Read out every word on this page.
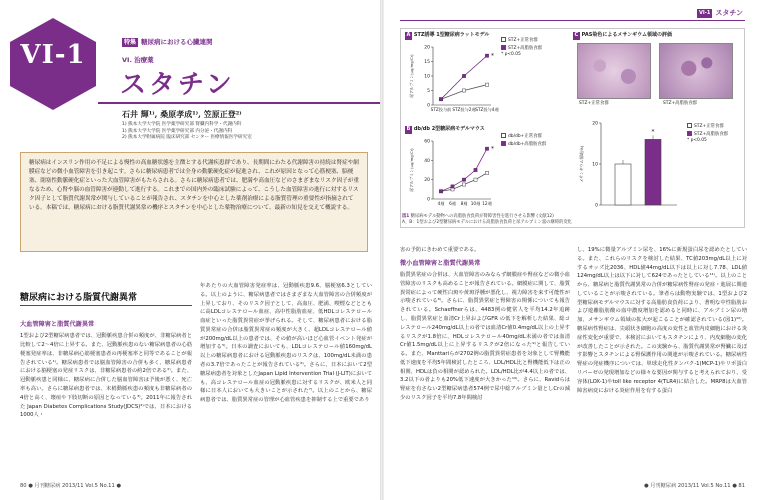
VI-1	特集 糖尿病における心臓連関
VI. 治療薬
スタチン
石井 輝¹⁾, 桑原孝成¹⁾, 笠原正登²⁾
1) 熊本大学大学院 医学薬学研究部 腎臓内科学・代謝内科
1) 熊本大学大学院 医学薬学研究部 内分泌・代謝内科
2) 熊本大学附属病院 臨床研究部 センター 医療情報医学研究室
糖尿病はインスリン作用の不足による慢性の高血糖状態を主徴とする代謝疾患群であり、長期間にわたる代謝障害の持続は腎症や網膜症などの微小血管障害を引き起こす。さらに糖尿病患者では全身の動脈硬化症が促進され、これが原因となって心筋梗塞、脳梗塞、閉塞性動脈硬化症といった大血管障害がもたらされる。さらに糖尿病患者では、肥満や高血圧などのさまざまなリスク因子が重なるため、心腎や脳の血管障害が連動して進行する。これまでの国内外の臨床試験によって、こうした血管障害の進行に対するリスク因子として脂質代謝異常が関与していることが報告され、スタチンを中心とした薬剤治療による脂質管理の重要性が指摘されている。本稿では、糖尿病における脂質代謝異常の機序とスタチンを中心とした薬物治療について、最新の知見を交えて概説する。
糖尿病における脂質代謝異常
大血管障害と脂質代謝異常
1型および2型糖尿病患者では、冠動脈疾患合併の頻度が、非糖尿病者と比較して2〜4倍に上昇する。また、冠動脈疾患のない糖尿病患者の心筋梗塞発症率は、非糖尿病心筋梗塞患者の再梗塞率と同等であることが報告されている¹⁾。糖尿病患者では脳血管障害の合併も多く、糖尿病患者における脳梗塞の発症リスクは、非糖尿病患者の約2倍である²⁾。また、冠動脈疾患と同様に、糖尿病に合併した脳血管障害は予後が悪く、死亡率も高い。さらに糖尿病患者では、末梢動脈疾患の頻度も非糖尿病者の4倍と高く、壊疽や下肢切断の原因となっている³⁾。2011年に報告された Japan Diabetes Complications Study(JDCS)⁴⁾では、日本における1000人・
年あたりの大血管障害発症率は、冠動脈疾患9.6、脳梗塞6.3としている。以上のように、糖尿病患者ではさまざまな大血管障害の合併頻度が上昇しており、そのリスク因子として、高血圧、肥満、喫煙などとともに高LDLコレステロール血症、高中性脂肪血症、低HDLコレステロール血症といった脂質異常症が挙げられる。そして、糖尿病患者における脂質異常症の合併は脂質異常症の頻度が大きく、超LDLコレステロール値が200mg/dL以上の患者では、その値が高いほど心血管イベント発症が増加する⁵⁾。日本の調査においても、LDLコレステロール値160mg/dL以上の糖尿病患者における冠動脈疾患のリスクは、100mg/dL未満の患者の3.7倍であったことが報告されている⁶⁾。さらに、日本において2型糖尿病患者を対象としたJapan Lipid Intervention Trial (J-LIT)においても、高コレステロール血症の冠動脈疾患に対するリスクが、欧米人と同様に日本人においても大きいことが示された⁷⁾。以上のことから、糖尿病患者では、脂質異常症の管理が心血管疾患を抑制する上で重要であり
80 ● 月刊糖尿病 2013/11 Vol.5 No.11 ●
VI-1 スタチン
A STZ誘導 1型糖尿病ラットモデル
STZ+正常食群
STZ+高脂肪食群
* p<0.05
0
5
10
15
20
尿アルブミン(μg/mg/Cr)
STZ投与前 STZ投与2週 STZ投与4週
*
B db/db 2型糖尿病モデルマウス
db/db+正常食群
db/db+高脂肪食群
0
20
40
60
尿アルブミン(μg/mg/Cr)
4週 6週 8週 10週 12週
*
C PAS染色によるメサンギウム領域の評価
STZ+正常食群	STZ+高脂肪食群
0
10
20
メサンギウム領域(%)
*
STZ+正常食群
STZ+高脂肪食群
* p<0.05
図1 糖尿病モデル動物への高脂肪食負荷が腎障害性を進行させる影響 (文献12)
A、B：1型および2型糖尿病モデルにおける高脂肪食負荷と尿アルブミン量の継時的変化
害の予防にきわめて重要である。
微小血管障害と脂質代謝異常
脂質異常症の合併は、大血管障害のみならず網膜症や腎症などの微小血管障害のリスクも高めることが報告されている。網膜症に関して、脂質異常症によって硬性白斑や黄斑浮腫が悪化し、視力障害を来す可能性が示唆されている⁸⁾。さらに、脂質異常症と腎障害の関係についても報告されている。Schaeffnerらは、4483例の健常人を平均14.2年追跡し、脂質異常症と血清Cr上昇およびGFR の低下を解析した結果、総コレステロール240mg/dL以上の者では血清Cr値0.4mg/dL以上の上昇するリスクが1.8倍に、HDLコレステロール40mg/dL未満の者では血清Cr値1.5mg/dL以上に上昇するリスクが2倍になった⁹⁾と報告している。また、Manttariらが2702例の脂質異常症患者を対象として腎機能低下速度を平均5年間検討したところ、LDL/HDL比と腎機能低下は正の相関、HDLは負の相関が認められた。LDL/HDL比が4.4以上の者では、3.2以下の者よりも20%低下速度が大きかった¹⁰⁾。さらに、Ravidらは腎症を有さない2型糖尿病患者574例で尿中総アルブミン量としCrの減少のリスク因子を平均7.8年間検討
し、19%に微量アルブミン尿を、16%に新規蛋白尿を認めたとしている。また、これらのリスクを検討した結果、TC値203mg/dL以上に対するオッズ比2036、HDL値44mg/dL以下は以上に対し7.78、LDL値124mg/dL以上は以下に対して624であったとしている¹¹⁾。以上のことから、糖尿病と脂質代謝異常の合併が糖尿病性腎症の発症・進展に関連していることが示唆されている。筆者らは動物実験では、1型および2型糖尿病モデルマウスに対する高脂肪食負荷により、著明な中性脂肪および遊離脂肪酸の血中濃度増加を認めると同時に、アルブミン尿の増加、メサンギウム領域の拡大が起こることが確認されている(図1)¹²⁾。糖尿病性腎症は、尖頭状き細胞の高度の変性と血管内皮細胞における炎症性変化が重要で、本検討においてもスタチンにより、内皮細胞の変化が改善したことが示された。この実験から、脂質代謝異常が腎臓に及ぼす影響とスタチンによる腎保護作用の関連が示唆されている。糖尿病性腎症の発症機序については、単球走化性タンパク-1(MCP-1)やリポ蛋白リパーゼの発現増加などの様々な要因が関与すると考えられており、受容体(LOX-1)やtoll like receptor 4(TLR4)に結合した。MRP8は大血管障害病変における炎症作用を有する蛋白
● 月刊糖尿病 2013/11 Vol.5 No.11 ● 81
